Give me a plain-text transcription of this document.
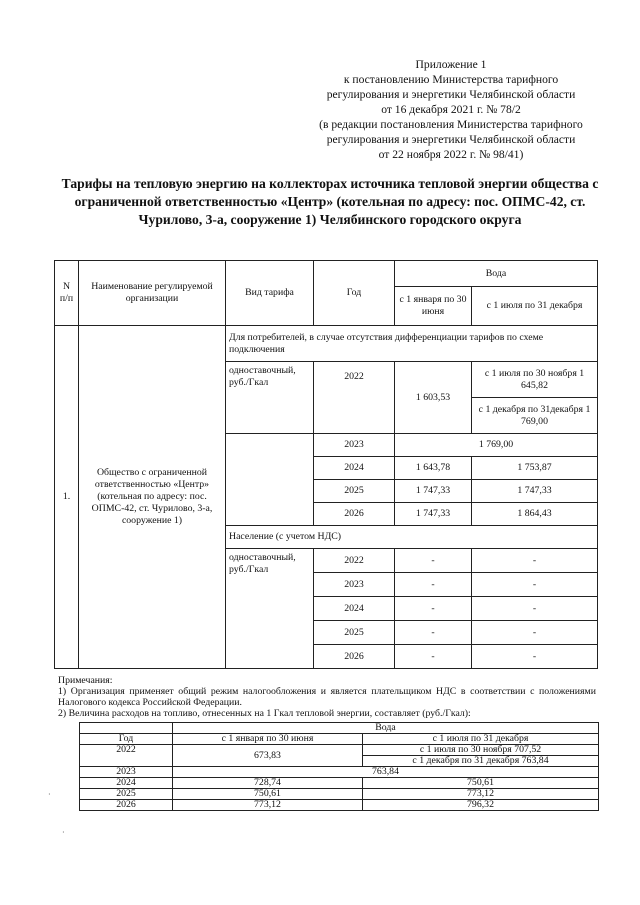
Приложение 1
к постановлению Министерства тарифного
регулирования и энергетики Челябинской области
от 16 декабря 2021 г. № 78/2
(в редакции постановления Министерства тарифного
регулирования и энергетики Челябинской области
от 22 ноября 2022 г. № 98/41)
Тарифы на тепловую энергию на коллекторах источника тепловой энергии общества с ограниченной ответственностью «Центр» (котельная по адресу: пос. ОПМС-42, ст. Чурилово, 3-а, сооружение 1) Челябинского городского округа
N п/п	Наименование регулируемой организации	Вид тарифа	Год	Вода	
				с 1 января по 30 июня	с 1 июля по 31 декабря
1.	Общество с ограниченной ответственностью «Центр» (котельная по адресу: пос. ОПМС-42, ст. Чурилово, 3-а, сооружение 1)	Для потребителей, в случае отсутствия дифференциации тарифов по схеме подключения			
		одноставочный, руб./Гкал	2022	1 603,53	с 1 июля по 30 ноября 1 645,82
					с 1 декабря по 31декабря 1 769,00
			2023	1 769,00	
			2024	1 643,78	1 753,87
			2025	1 747,33	1 747,33
			2026	1 747,33	1 864,43
		Население (с учетом НДС)			
		одноставочный, руб./Гкал	2022	-	-
			2023	-	-
			2024	-	-
			2025	-	-
			2026	-	-

Примечания:

1) Организация применяет общий режим налогообложения и является плательщиком НДС в соответствии с положениями Налогового кодекса Российской Федерации.

2) Величина расходов на топливо, отнесенных на 1 Гкал тепловой энергии, составляет (руб./Гкал):

	Вода	
Год	с 1 января по 30 июня	с 1 июля по 31 декабря
2022	673,83	с 1 июля по 30 ноября 707,52
		с 1 декабря по 31 декабря 763,84
2023	763,84	
2024	728,74	750,61
2025	750,61	773,12
2026	773,12	796,32
·
·
